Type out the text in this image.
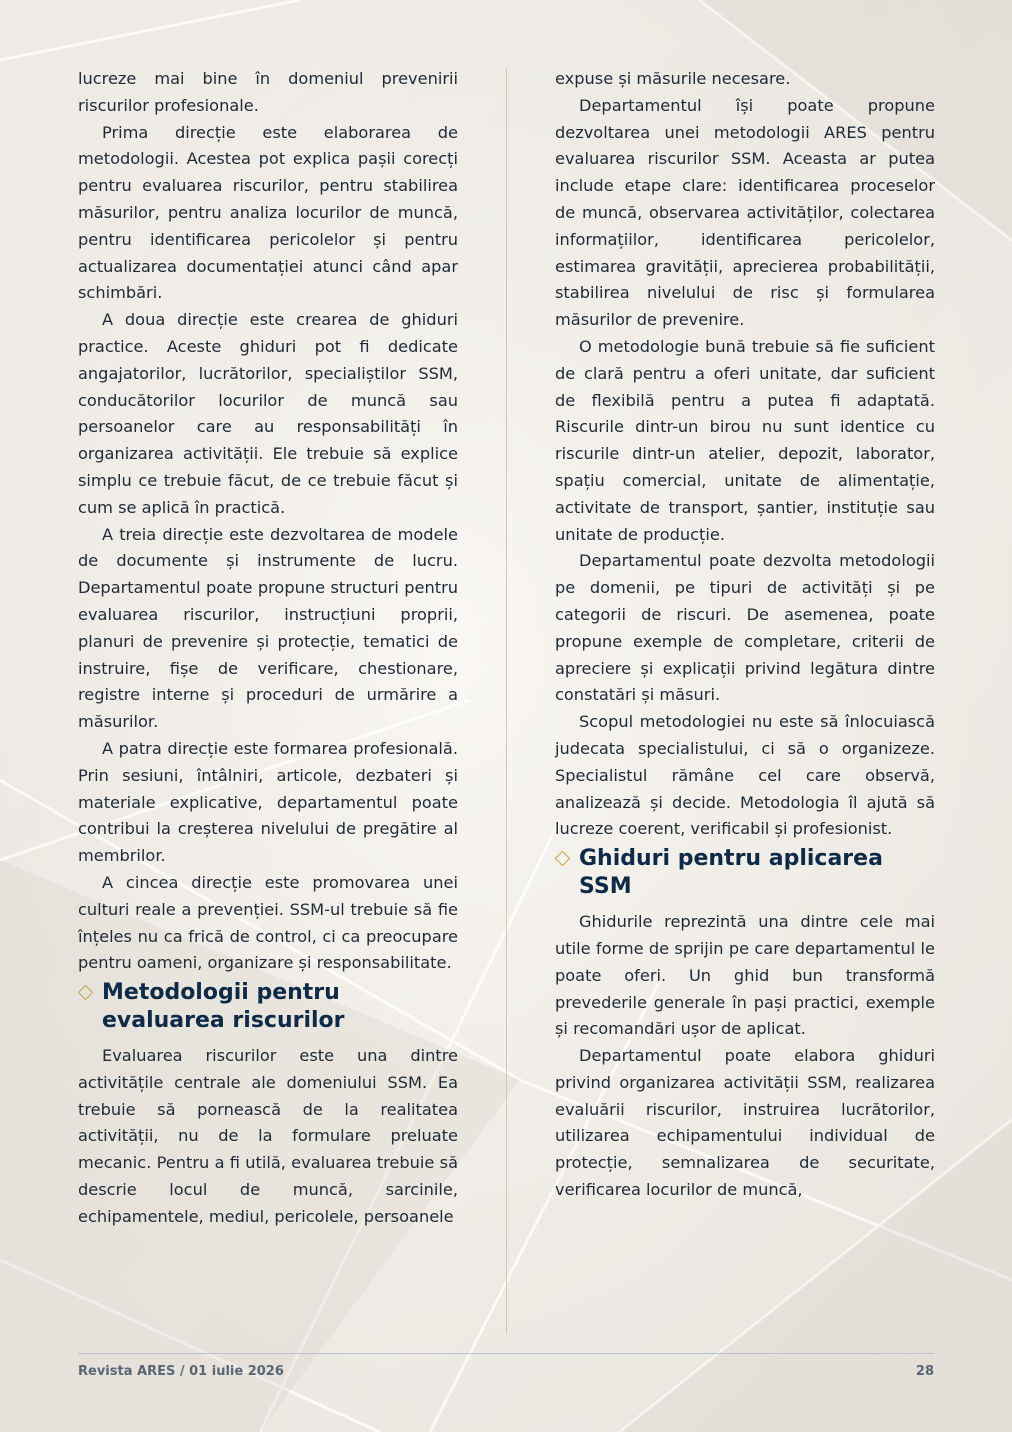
lucreze mai bine în domeniul prevenirii riscurilor profesionale.

Prima direcție este elaborarea de metodologii. Acestea pot explica pașii corecți pentru evaluarea riscurilor, pentru stabilirea măsurilor, pentru analiza locurilor de muncă, pentru identificarea pericolelor și pentru actualizarea documentației atunci când apar schimbări.

A doua direcție este crearea de ghiduri practice. Aceste ghiduri pot fi dedicate angajatorilor, lucrătorilor, specialiștilor SSM, conducătorilor locurilor de muncă sau persoanelor care au responsabilități în organizarea activității. Ele trebuie să explice simplu ce trebuie făcut, de ce trebuie făcut și cum se aplică în practică.

A treia direcție este dezvoltarea de modele de documente și instrumente de lucru. Departamentul poate propune structuri pentru evaluarea riscurilor, instrucțiuni proprii, planuri de prevenire și protecție, tematici de instruire, fișe de verificare, chestionare, registre interne și proceduri de urmărire a măsurilor.

A patra direcție este formarea profesională. Prin sesiuni, întâlniri, articole, dezbateri și materiale explicative, departamentul poate contribui la creșterea nivelului de pregătire al membrilor.

A cincea direcție este promovarea unei culturi reale a prevenției. SSM-ul trebuie să fie înțeles nu ca frică de control, ci ca preocupare pentru oameni, organizare și responsabilitate.

Metodologii pentru evaluarea riscurilor

Evaluarea riscurilor este una dintre activitățile centrale ale domeniului SSM. Ea trebuie să pornească de la realitatea activității, nu de la formulare preluate mecanic. Pentru a fi utilă, evaluarea trebuie să descrie locul de muncă, sarcinile, echipamentele, mediul, pericolele, persoanele

expuse și măsurile necesare.

Departamentul își poate propune dezvoltarea unei metodologii ARES pentru evaluarea riscurilor SSM. Aceasta ar putea include etape clare: identificarea proceselor de muncă, observarea activităților, colectarea informațiilor, identificarea pericolelor, estimarea gravității, aprecierea probabilității, stabilirea nivelului de risc și formularea măsurilor de prevenire.

O metodologie bună trebuie să fie suficient de clară pentru a oferi unitate, dar suficient de flexibilă pentru a putea fi adaptată. Riscurile dintr-un birou nu sunt identice cu riscurile dintr-un atelier, depozit, laborator, spațiu comercial, unitate de alimentație, activitate de transport, șantier, instituție sau unitate de producție.

Departamentul poate dezvolta metodologii pe domenii, pe tipuri de activități și pe categorii de riscuri. De asemenea, poate propune exemple de completare, criterii de apreciere și explicații privind legătura dintre constatări și măsuri.

Scopul metodologiei nu este să înlocuiască judecata specialistului, ci să o organizeze. Specialistul rămâne cel care observă, analizează și decide. Metodologia îl ajută să lucreze coerent, verificabil și profesionist.

Ghiduri pentru aplicarea SSM

Ghidurile reprezintă una dintre cele mai utile forme de sprijin pe care departamentul le poate oferi. Un ghid bun transformă prevederile generale în pași practici, exemple și recomandări ușor de aplicat.

Departamentul poate elabora ghiduri privind organizarea activității SSM, realizarea evaluării riscurilor, instruirea lucrătorilor, utilizarea echipamentului individual de protecție, semnalizarea de securitate, verificarea locurilor de muncă,

Revista ARES / 01 iulie 2026	28
